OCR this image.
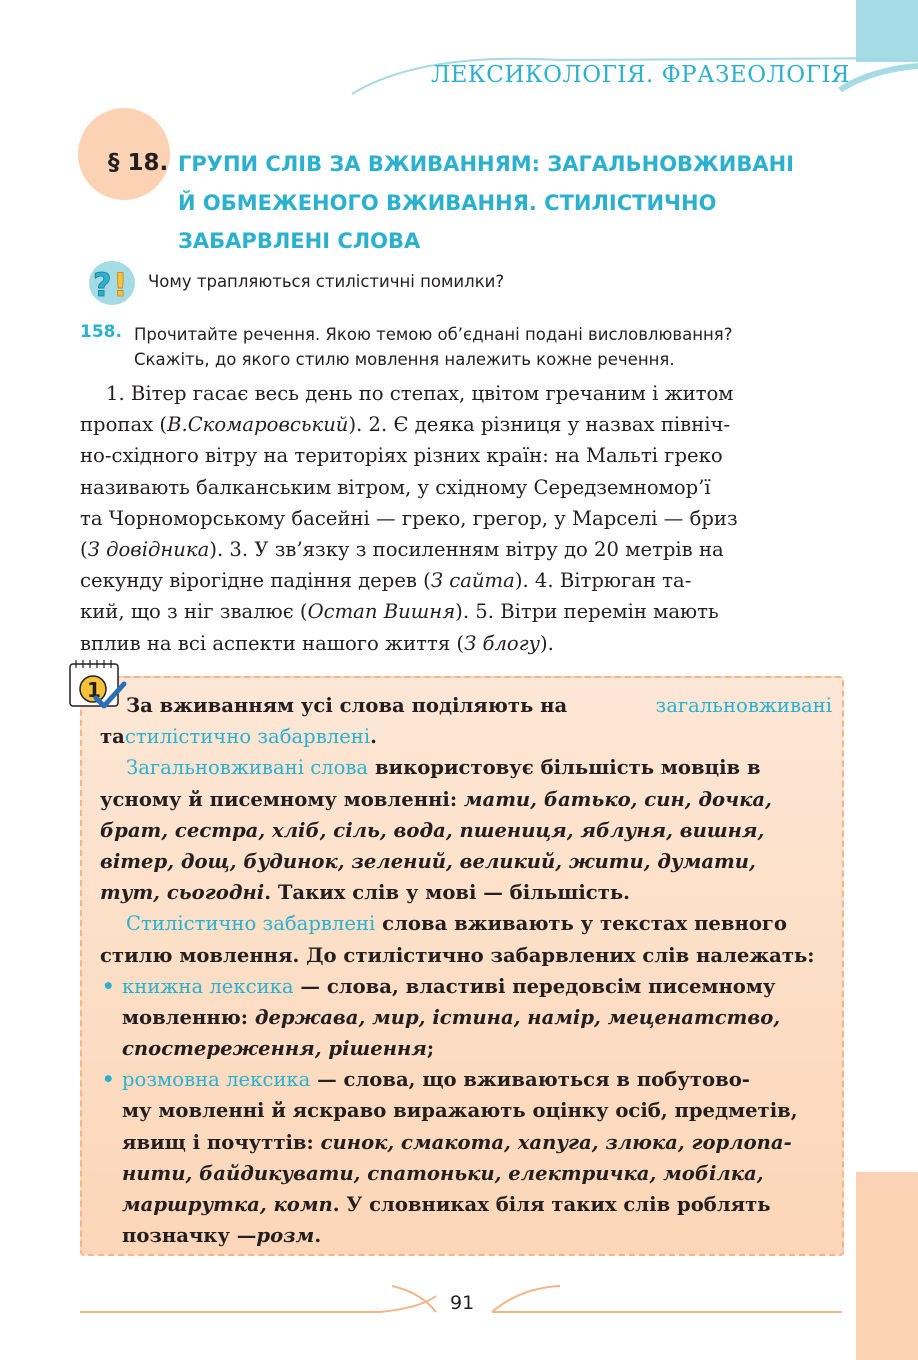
ЛЕКСИКОЛОГІЯ. ФРАЗЕОЛОГІЯ
§ 18. ГРУПИ СЛІВ ЗА ВЖИВАННЯМ: ЗАГАЛЬНОВЖИВАНІ
Й ОБМЕЖЕНОГО ВЖИВАННЯ. СТИЛІСТИЧНО
ЗАБАРВЛЕНІ СЛОВА
? ! Чому трапляються стилістичні помилки?
158. Прочитайте речення. Якою темою об’єднані подані висловлювання?
Скажіть, до якого стилю мовлення належить кожне речення.
1. Вітер гасає весь день по степах, цвітом гречаним і житом
пропах (В.Скомаровський). 2. Є деяка різниця у назвах північ-
но-східного вітру на територіях різних країн: на Мальті греко
називають балканським вітром, у східному Середземномор’ї
та Чорноморському басейні — греко, грегор, у Марселі — бриз
(З довідника). 3. У зв’язку з посиленням вітру до 20 метрів на
секунду вірогідне падіння дерев (З сайта). 4. Вітрюган та-
кий, що з ніг звалює (Остап Вишня). 5. Вітри перемін мають
вплив на всі аспекти нашого життя (З блогу).
1
За вживанням усі слова поділяють на	загальновживані
та стилістично забарвлені .
Загальновживані слова використовує більшість мовців в
усному й писемному мовленні: мати, батько, син, дочка,
брат, сестра, хліб, сіль, вода, пшениця, яблуня, вишня,
вітер, дощ, будинок, зелений, великий, жити, думати,
тут, сьогодні . Таких слів у мові — більшість.
Стилістично забарвлені слова вживають у текстах певного
стилю мовлення. До стилістично забарвлених слів належать:
• книжна лексика — слова, властиві передовсім писемному
мовленню: держава, мир, істина, намір, меценатство,
спостереження, рішення ;
• розмовна лексика — слова, що вживаються в побутово-
му мовленні й яскраво виражають оцінку осіб, предметів,
явищ і почуттів: синок, смакота, хапуга, злюка, горлопа-
нити, байдикувати, спатоньки, електричка, мобілка,
маршрутка, комп. У словниках біля таких слів роблять
позначку — розм .
91
